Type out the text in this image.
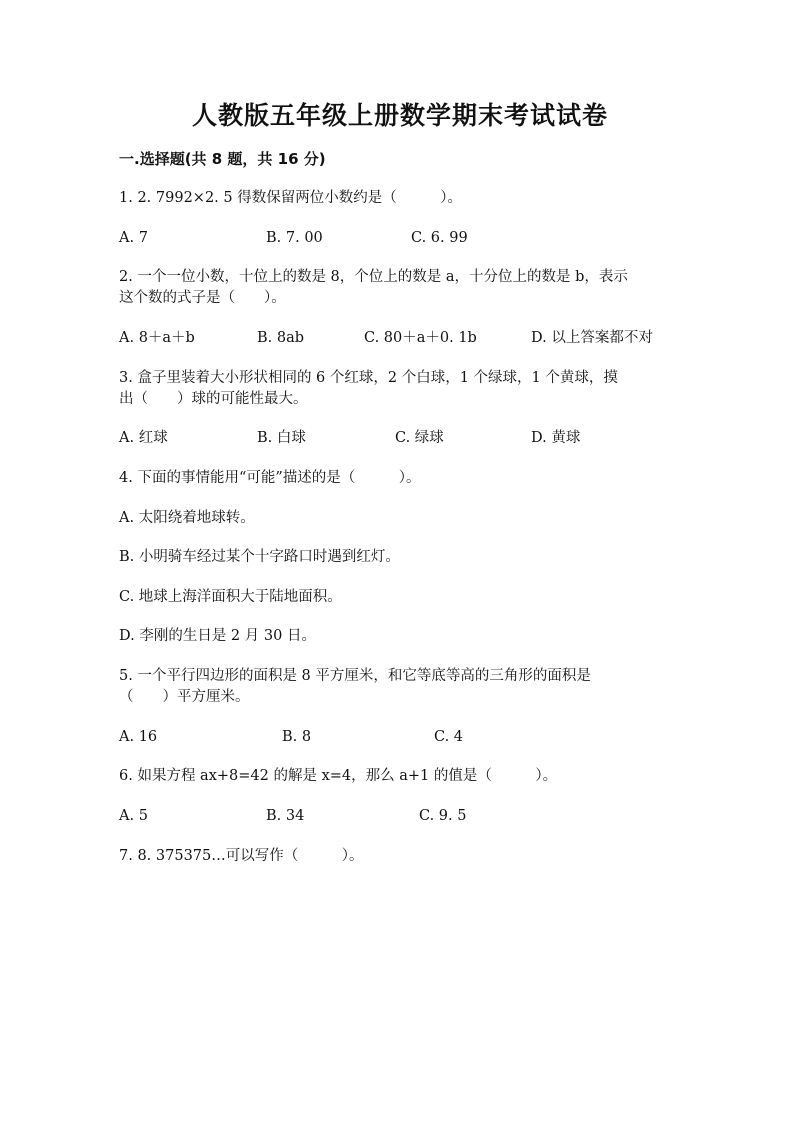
人教版五年级上册数学期末考试试卷
一.选择题(共 8 题，共 16 分)
1. 2. 7992×2. 5 得数保留两位小数约是（　　　）。
A. 7	B. 7. 00	C. 6. 99
2. 一个一位小数，十位上的数是 8，个位上的数是 a，十分位上的数是 b，表示
这个数的式子是（　　）。
A. 8＋a＋b	B. 8ab	C. 80＋a＋0. 1b	D. 以上答案都不对
3. 盒子里装着大小形状相同的 6 个红球，2 个白球，1 个绿球，1 个黄球，摸
出（　　）球的可能性最大。
A. 红球	B. 白球	C. 绿球	D. 黄球
4. 下面的事情能用“可能”描述的是（　　　）。
A. 太阳绕着地球转。
B. 小明骑车经过某个十字路口时遇到红灯。
C. 地球上海洋面积大于陆地面积。
D. 李刚的生日是 2 月 30 日。
5. 一个平行四边形的面积是 8 平方厘米，和它等底等高的三角形的面积是
（　　）平方厘米。
A. 16	B. 8	C. 4
6. 如果方程 ax+8=42 的解是 x=4，那么 a+1 的值是（　　　）。
A. 5	B. 34	C. 9. 5
7. 8. 375375…可以写作（　　　）。
